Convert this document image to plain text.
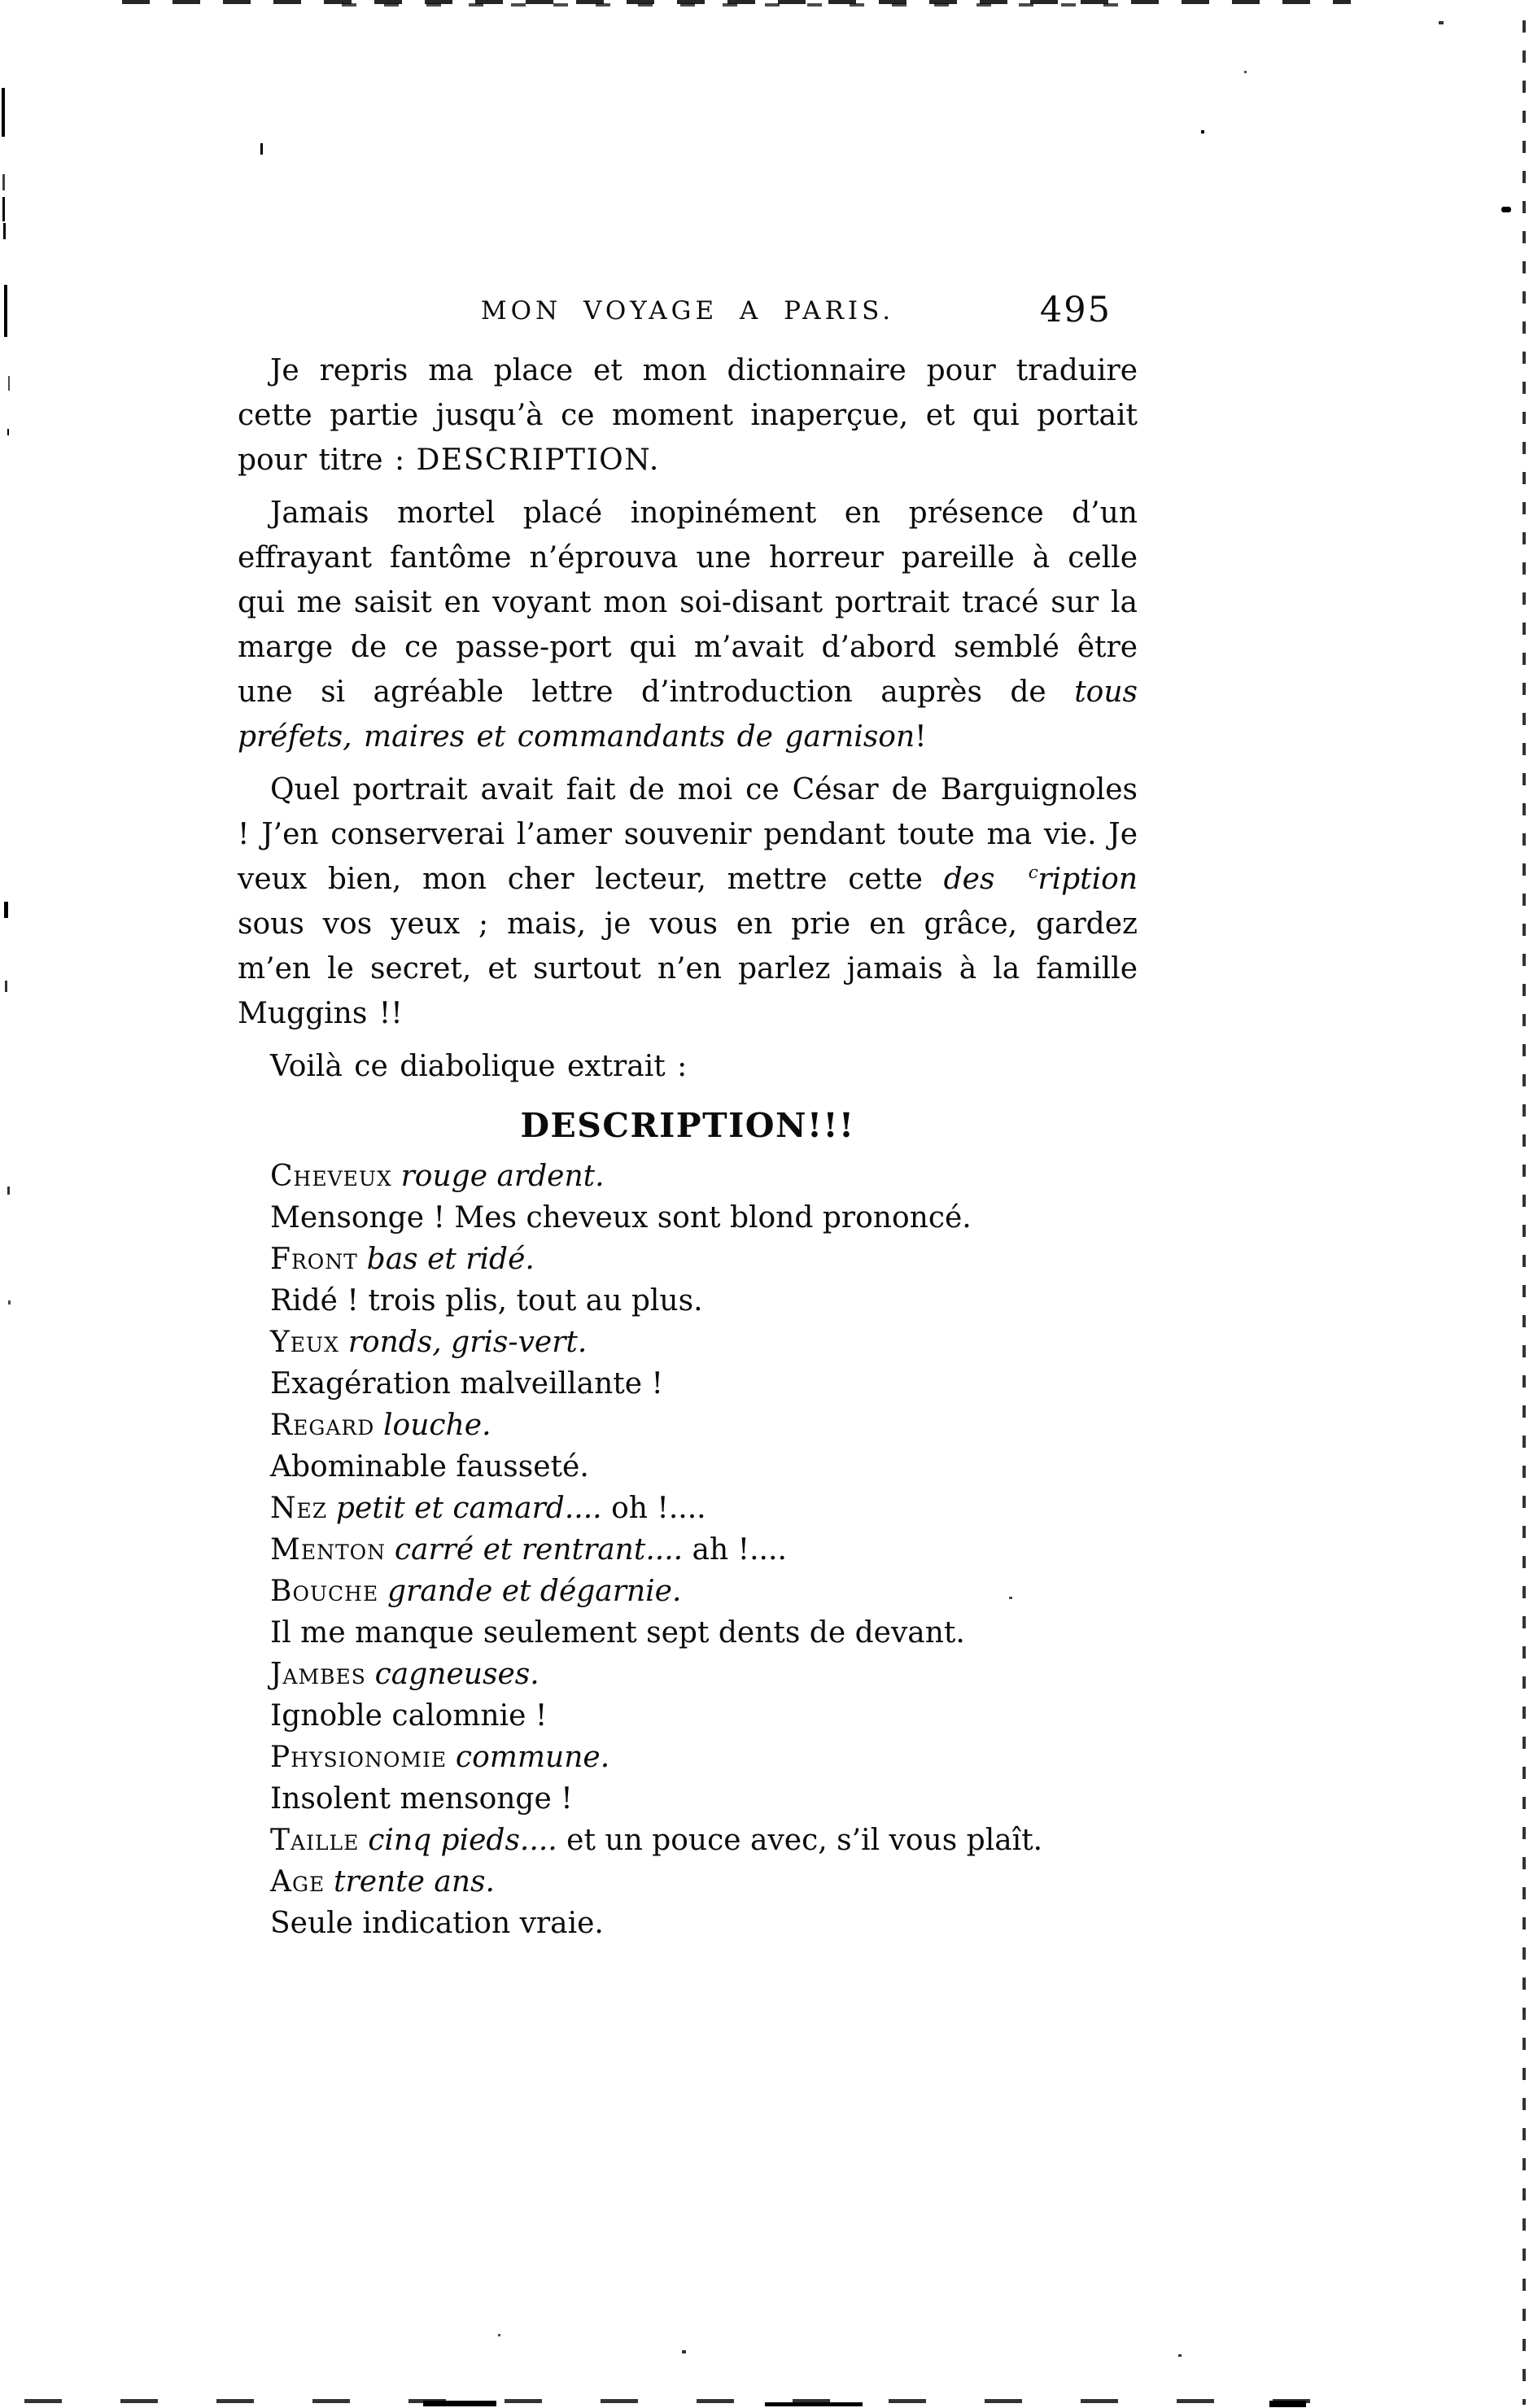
MON VOYAGE A PARIS.	495

Je repris ma place et mon dictionnaire pour traduire cette partie jusqu’à ce moment inaperçue, et qui portait pour titre : DESCRIPTION.

Jamais mortel placé inopinément en présence d’un effrayant fantôme n’éprouva une horreur pareille à celle qui me saisit en voyant mon soi-disant portrait tracé sur la marge de ce passe-port qui m’avait d’abord semblé être une si agréable lettre d’introduction auprès de tous préfets, maires et commandants de garnison!

Quel portrait avait fait de moi ce César de Barguignoles ! J’en conserverai l’amer souvenir pendant toute ma vie. Je veux bien, mon cher lecteur, mettre cette des cription sous vos yeux ; mais, je vous en prie en grâce, gardez m’en le secret, et surtout n’en parlez jamais à la famille Muggins !!

Voilà ce diabolique extrait :

DESCRIPTION!!!
Cheveux rouge ardent.
Mensonge ! Mes cheveux sont blond prononcé.
Front bas et ridé.
Ridé ! trois plis, tout au plus.
Yeux ronds, gris-vert.
Exagération malveillante !
Regard louche.
Abominable fausseté.
Nez petit et camard.... oh !....
Menton carré et rentrant.... ah !....
Bouche grande et dégarnie.
Il me manque seulement sept dents de devant.
Jambes cagneuses.
Ignoble calomnie !
Physionomie commune.
Insolent mensonge !
Taille cinq pieds.... et un pouce avec, s’il vous plaît.
Age trente ans.
Seule indication vraie.
